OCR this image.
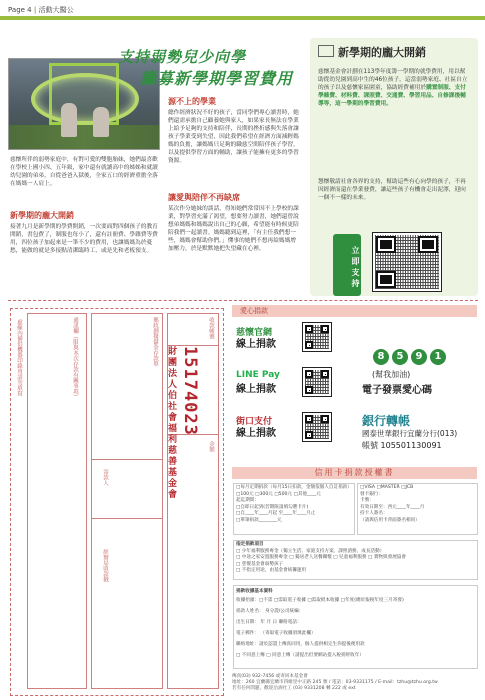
Page 4 | 活動大醫公
支持弱勢兒少向學
籌募新學期學習費用
慈懷所伴的弱勢家庭中，有對可愛的雙胞胎妹，她們最喜歡在學校上國小四、五年級，家中還有就讀高中的姊姊和就讀幼兒園的弟弟，自從爸爸入獄後，全家五口的經濟重擔全落在媽媽一人肩上。
新學期的龐大開銷
接著九月是新學期的學費開銷，一次要面對四個孩子的教育開銷，書包費了，制服也每小了，還有註冊費、學雜費等費用，四位孩子加起來是一筆不少的費用，也讓媽媽為於憂愁，能做的就是多接點清潔臨時工，或是先和老板預支。
源不上的學業
總作經濟狀況不好的孩子，當同學們專心讀書時，她們還需承擔自己顧養她與家人，如果家長無法在學業上給予足夠的支持和陪伴，長期的挫折感與失落會讓孩子學業受到失望，因此我們希望在經濟方面減輕媽媽的負擔，讓媽媽只足夠的職慈空間陪伴孩子學習，以及提供學習方面的輔助，讓孩子能擁有更多的學習資源。
讓愛與陪伴不再缺席
某次作分她妹的談話，得知她們常常因不上學校的課業，對學習充滿了渴望，想要努力讀書，她們還曾說想弟媽媽和媽媽說出自己的心願，希望能有時候更陪陪我們一起讀書。媽媽聽到這裡，「有主任我們想一些，媽媽會幫助你們。」懂事的她們不想再給媽媽增加壓力，於是默默她把失望藏在心裡。
新學期的龐大開銷
慈懷基金會計劃在113學年度籌一學期的就學費用，用以幫助從幼兒園到高中生的46位孩子，這當弱勢家庭、社區自立的孩子以及慈懷家區園童，協助經費補用於購置制服、支付學雜費、材料費、課照費、交通費、學習用品、自修課後輔導等，這一學期的學習費用。
懇懷敬請社會各界的支持，幫助這些有心向學的孩子，不再因經濟而還在學業發費，讓這些孩子有機會走出泥濘，迎向一個不一樣的未來。
立即支持
虛線內備供機器印錄用請勿填寫	通訊欄（限與本次存款有關事項）	郵政劃撥儲金存款單	收款帳號
金額
寄款人
經辦局收款戳
15174023
財團法人伯社會福利慈善基金會
愛心捐款
慈懷官網
線上捐款
LINE Pay
線上捐款
街口支付
線上捐款
8	5	9	1
(幫我加油)
電子發票愛心碼
銀行轉帳
國泰世華銀行宜蘭分行(013)
帳號 105501130091
信用卡捐款授權書
□每月定期捐款（每月15日扣款，金額依個人自訂捐款）
□100元 □300元 □500元 □其他____元
起迄期間：
□自即日起到(若期限請填勾選卡片)
□自____年____月起 至____年____月止
□單筆捐款________元
□VISA □MASTER □JCB
發卡銀行：
卡號：
有效日期至：西元____年____月
持卡人簽名：
（請與信用卡背面簽名相同）
指定捐款項目
□ 少年福利服務專金（獨立生活、家庭支持方案、課照諮務、成長活動）
□ 中途之家安置服務專金 □ 獨居老人送餐關懷 □ 兒童福利服務 □ 實物與發展協會
□ 慈懷基金會弱勢孩子
□ 不指定用途，由基金會統籌運用
捐款收據基本資料
收據抬頭：□不需 □需取電子收據 □需取紙本收據 □年度(總於報稅年度三月寄發)
捐款人姓名： 身分證/公司統編：
出生日期： 年 月 日 聯絡電話：
電子郵件： （寄取電子收據須填此欄）
聯絡地址：請於認證上傳真同用，個人提供相完生你提後便用款
□ 不同意上傳 □ 同意上傳（請提出但要網站提入稅捐經收年）
傳真(03) 932-7456 或寄回本基金會
地址：260 宜蘭縣宜蘭市四維里中正路 245 號 / 電話：03-9331175 / E-mail：tzhu@tzhu.org.tw
若有任何問題，歡迎洽詢社工 (03) 9331208 轉 222 或 ext
